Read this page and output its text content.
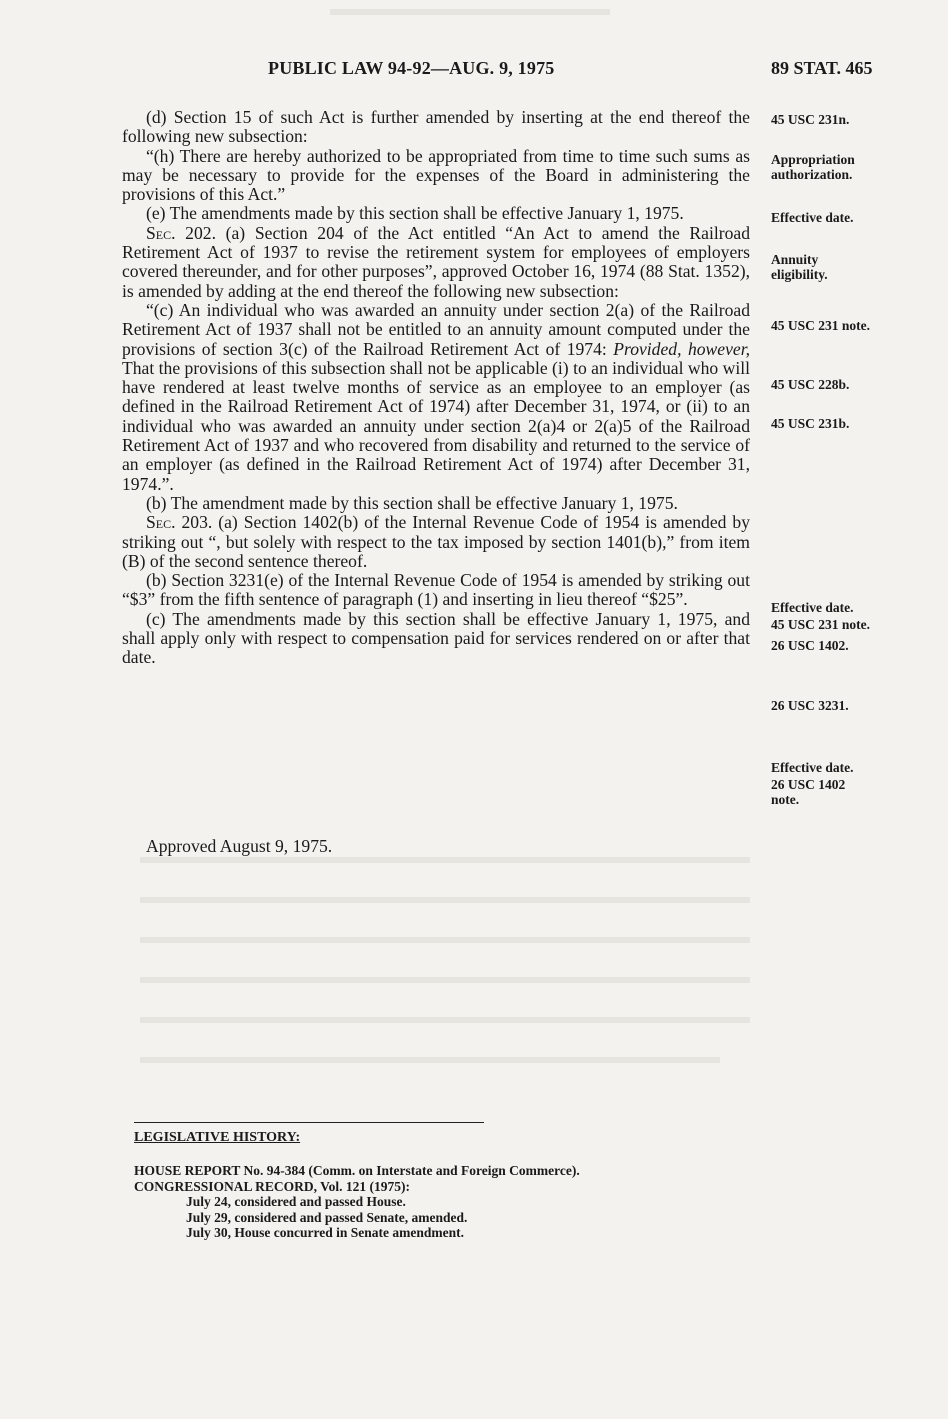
PUBLIC LAW 94-92—AUG. 9, 1975	89 STAT. 465

(d) Section 15 of such Act is further amended by inserting at the end thereof the following new subsection:

“(h) There are hereby authorized to be appropriated from time to time such sums as may be necessary to provide for the expenses of the Board in administering the provisions of this Act.”

(e) The amendments made by this section shall be effective January 1, 1975.

Sec. 202. (a) Section 204 of the Act entitled “An Act to amend the Railroad Retirement Act of 1937 to revise the retirement system for employees of employers covered thereunder, and for other purposes”, approved October 16, 1974 (88 Stat. 1352), is amended by adding at the end thereof the following new subsection:

“(c) An individual who was awarded an annuity under section 2(a) of the Railroad Retirement Act of 1937 shall not be entitled to an annuity amount computed under the provisions of section 3(c) of the Railroad Retirement Act of 1974: Provided, however, That the provisions of this subsection shall not be applicable (i) to an individual who will have rendered at least twelve months of service as an employee to an employer (as defined in the Railroad Retirement Act of 1974) after December 31, 1974, or (ii) to an individual who was awarded an annuity under section 2(a)4 or 2(a)5 of the Railroad Retirement Act of 1937 and who recovered from disability and returned to the service of an employer (as defined in the Railroad Retirement Act of 1974) after December 31, 1974.”.

(b) The amendment made by this section shall be effective January 1, 1975.

Sec. 203. (a) Section 1402(b) of the Internal Revenue Code of 1954 is amended by striking out “, but solely with respect to the tax imposed by section 1401(b),” from item (B) of the second sentence thereof.

(b) Section 3231(e) of the Internal Revenue Code of 1954 is amended by striking out “$3” from the fifth sentence of paragraph (1) and inserting in lieu thereof “$25”.

(c) The amendments made by this section shall be effective January 1, 1975, and shall apply only with respect to compensation paid for services rendered on or after that date.

45 USC 231n.
Appropriation authorization.
Effective date.
Annuity eligibility.
45 USC 231 note.
45 USC 228b.
45 USC 231b.
Effective date.
45 USC 231 note.
26 USC 1402.
26 USC 3231.
Effective date.
26 USC 1402 note.
Approved August 9, 1975.
LEGISLATIVE HISTORY:
HOUSE REPORT No. 94-384 (Comm. on Interstate and Foreign Commerce).
CONGRESSIONAL RECORD, Vol. 121 (1975):
July 24, considered and passed House.
July 29, considered and passed Senate, amended.
July 30, House concurred in Senate amendment.
